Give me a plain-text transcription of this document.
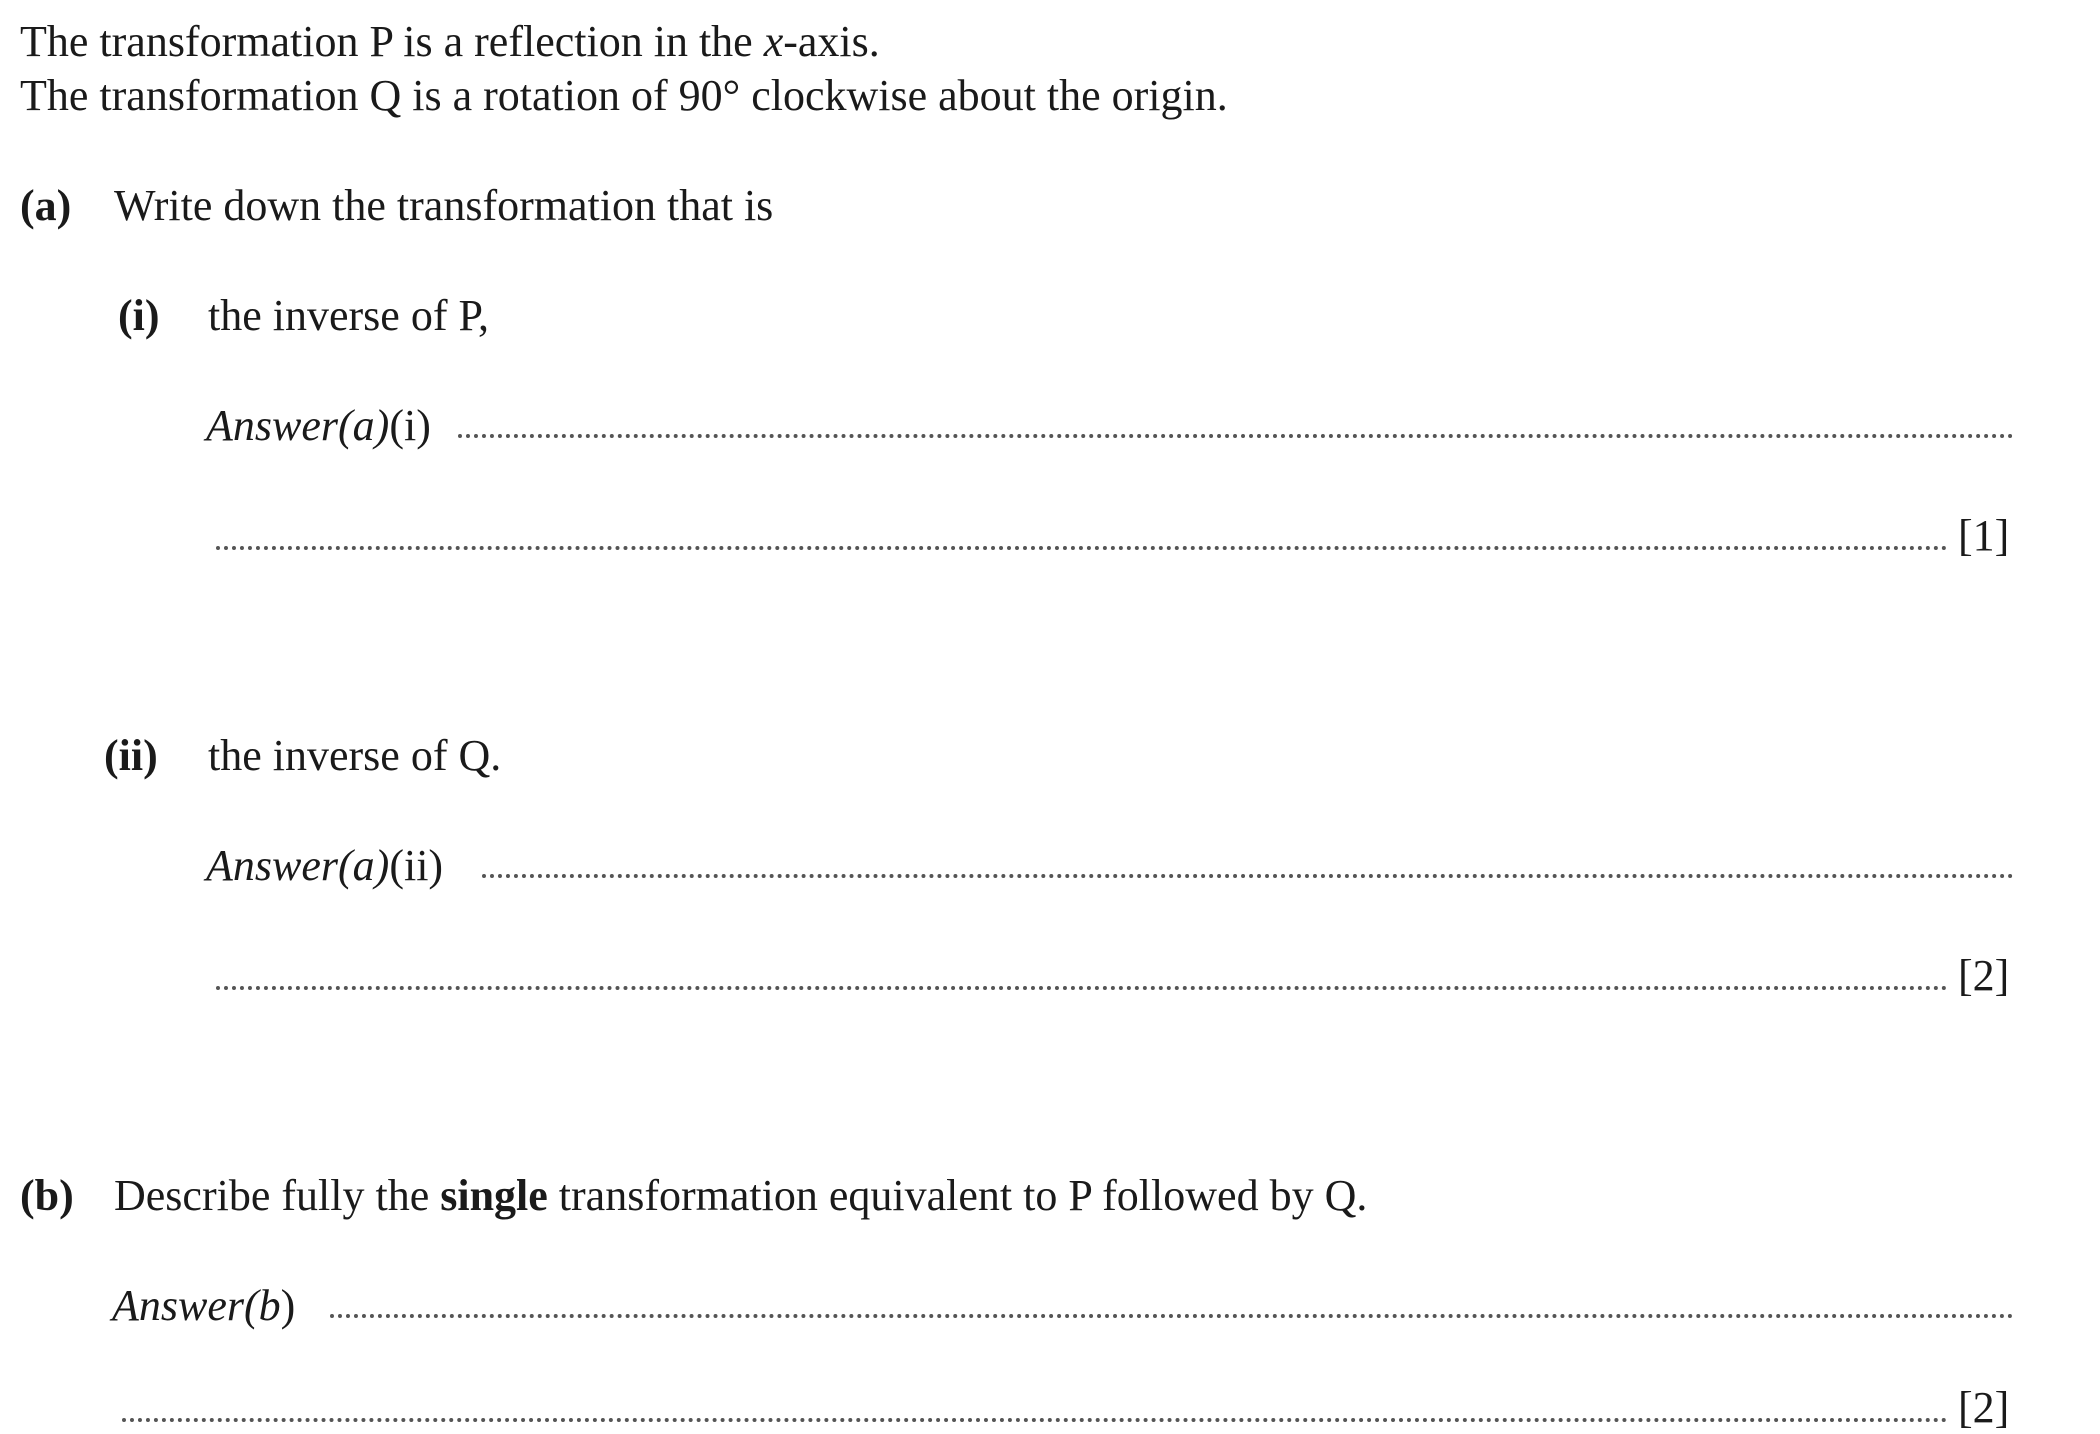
The transformation P is a reflection in the x-axis.
The transformation Q is a rotation of 90° clockwise about the origin.
(a) Write down the transformation that is
(i) the inverse of P,
Answer(a)(i)
[1]
(ii) the inverse of Q.
Answer(a)(ii)
[2]
(b) Describe fully the single transformation equivalent to P followed by Q.
Answer(b)
[2]
